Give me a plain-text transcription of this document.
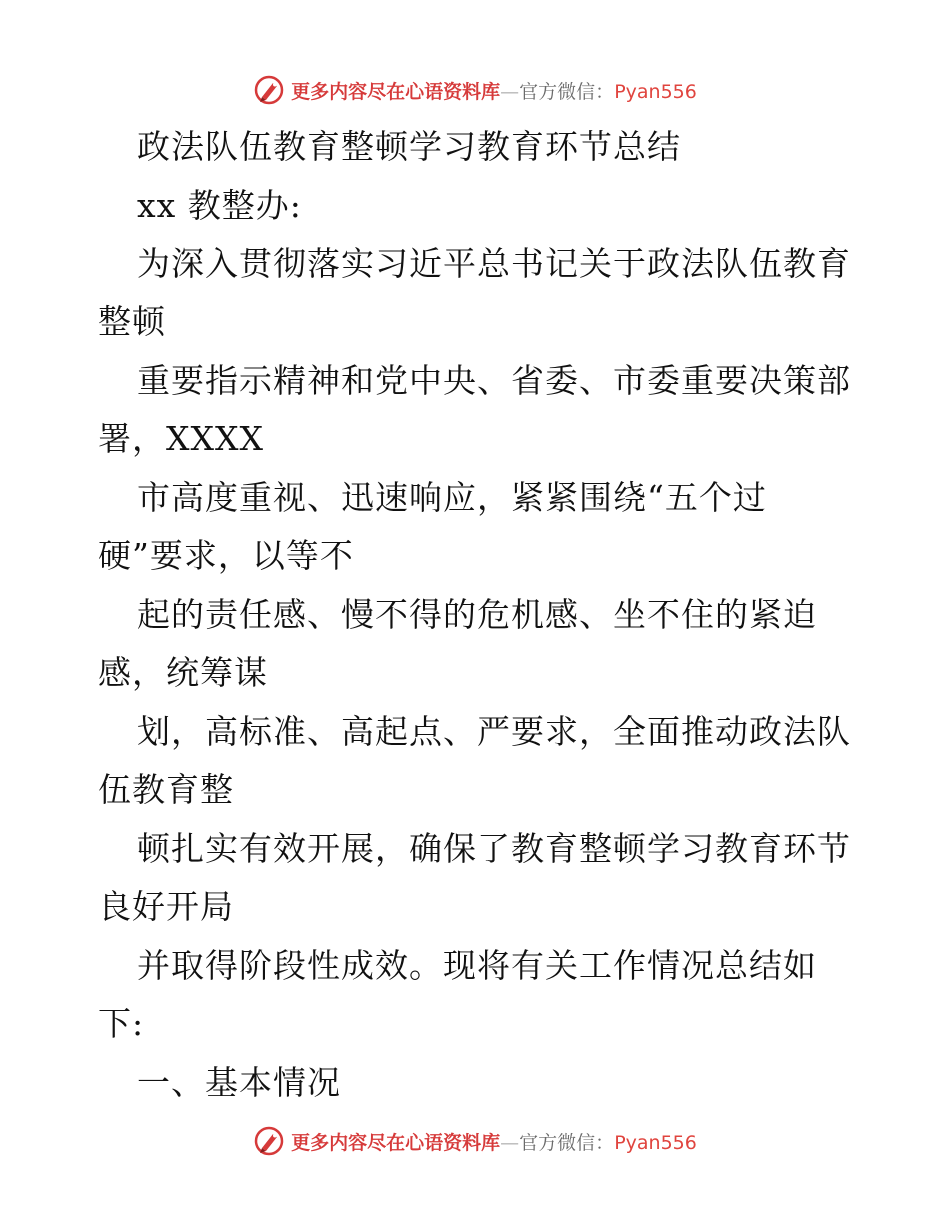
更多内容尽在心语资料库—官方微信：Pyan556
政法队伍教育整顿学习教育环节总结
xx 教整办:
为深入贯彻落实习近平总书记关于政法队伍教育
整顿
重要指示精神和党中央、省委、市委重要决策部
署，XXXX
市高度重视、迅速响应，紧紧围绕“五个过
硬”要求，以等不
起的责任感、慢不得的危机感、坐不住的紧迫
感，统筹谋
划，高标准、高起点、严要求，全面推动政法队
伍教育整
顿扎实有效开展，确保了教育整顿学习教育环节
良好开局
并取得阶段性成效。现将有关工作情况总结如
下:
一、基本情况
更多内容尽在心语资料库—官方微信：Pyan556
